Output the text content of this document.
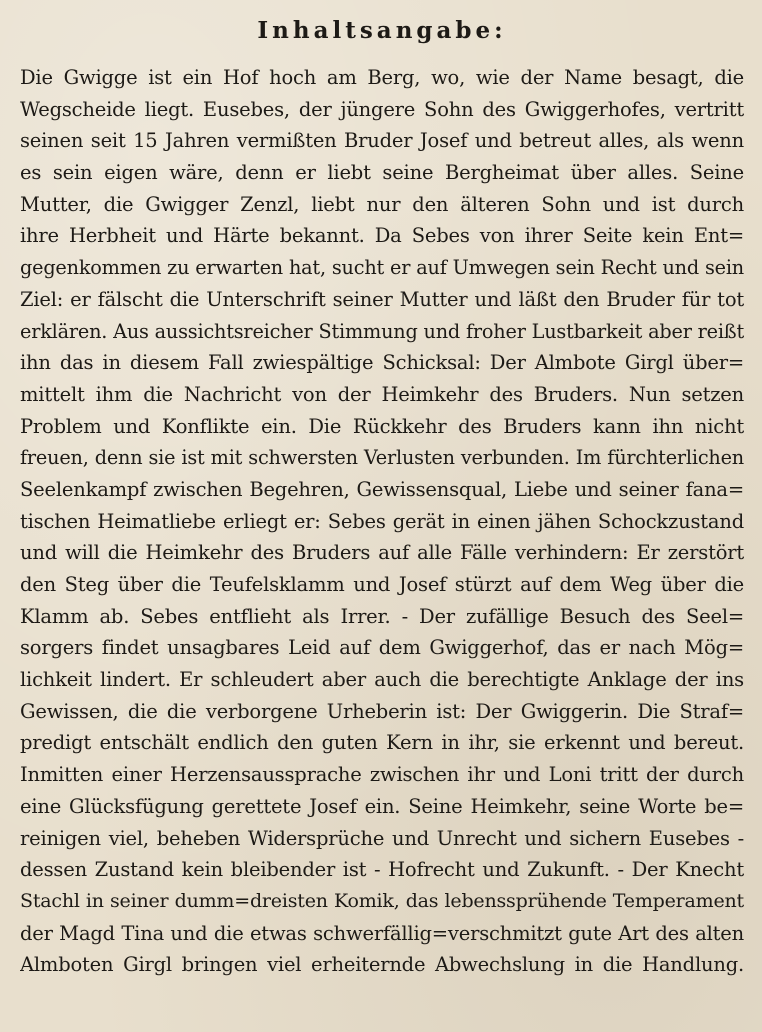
Inhaltsangabe:
Die Gwigge ist ein Hof hoch am Berg, wo, wie der Name besagt, die
Wegscheide liegt. Eusebes, der jüngere Sohn des Gwiggerhofes, vertritt
seinen seit 15 Jahren vermißten Bruder Josef und betreut alles, als wenn
es sein eigen wäre, denn er liebt seine Bergheimat über alles. Seine
Mutter, die Gwigger Zenzl, liebt nur den älteren Sohn und ist durch
ihre Herbheit und Härte bekannt. Da Sebes von ihrer Seite kein Ent=
gegenkommen zu erwarten hat, sucht er auf Umwegen sein Recht und sein
Ziel: er fälscht die Unterschrift seiner Mutter und läßt den Bruder für tot
erklären. Aus aussichtsreicher Stimmung und froher Lustbarkeit aber reißt
ihn das in diesem Fall zwiespältige Schicksal: Der Almbote Girgl über=
mittelt ihm die Nachricht von der Heimkehr des Bruders. Nun setzen
Problem und Konflikte ein. Die Rückkehr des Bruders kann ihn nicht
freuen, denn sie ist mit schwersten Verlusten verbunden. Im fürchterlichen
Seelenkampf zwischen Begehren, Gewissensqual, Liebe und seiner fana=
tischen Heimatliebe erliegt er: Sebes gerät in einen jähen Schockzustand
und will die Heimkehr des Bruders auf alle Fälle verhindern: Er zerstört
den Steg über die Teufelsklamm und Josef stürzt auf dem Weg über die
Klamm ab. Sebes entflieht als Irrer. - Der zufällige Besuch des Seel=
sorgers findet unsagbares Leid auf dem Gwiggerhof, das er nach Mög=
lichkeit lindert. Er schleudert aber auch die berechtigte Anklage der ins
Gewissen, die die verborgene Urheberin ist: Der Gwiggerin. Die Straf=
predigt entschält endlich den guten Kern in ihr, sie erkennt und bereut.
Inmitten einer Herzensaussprache zwischen ihr und Loni tritt der durch
eine Glücksfügung gerettete Josef ein. Seine Heimkehr, seine Worte be=
reinigen viel, beheben Widersprüche und Unrecht und sichern Eusebes -
dessen Zustand kein bleibender ist - Hofrecht und Zukunft. - Der Knecht
Stachl in seiner dumm=dreisten Komik, das lebenssprühende Temperament
der Magd Tina und die etwas schwerfällig=verschmitzt gute Art des alten
Almboten Girgl bringen viel erheiternde Abwechslung in die Handlung.
